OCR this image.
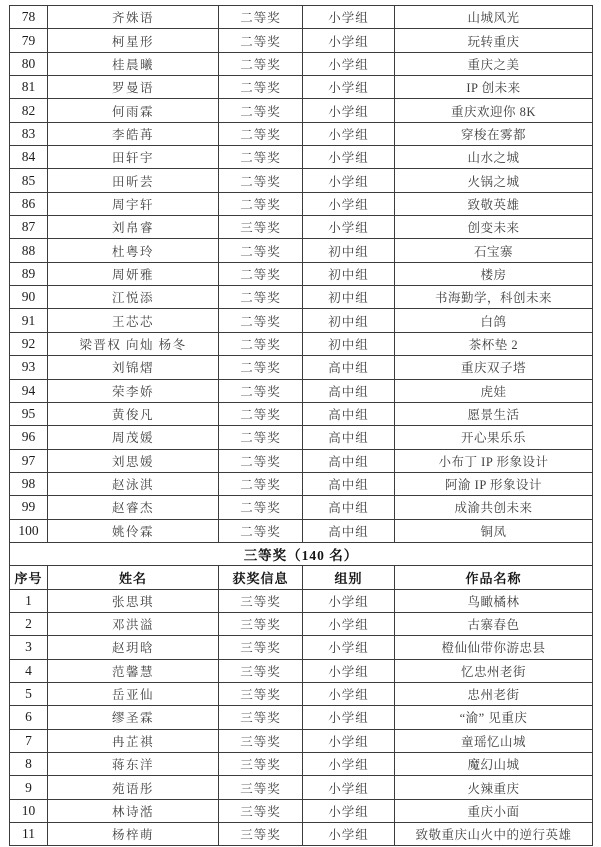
78	齐姝语	二等奖	小学组	山城风光
79	柯星形	二等奖	小学组	玩转重庆
80	桂晨曦	二等奖	小学组	重庆之美
81	罗曼语	二等奖	小学组	IP 创未来
82	何雨霖	二等奖	小学组	重庆欢迎你 8K
83	李皓苒	二等奖	小学组	穿梭在雾都
84	田轩宇	二等奖	小学组	山水之城
85	田昕芸	二等奖	小学组	火锅之城
86	周宇轩	二等奖	小学组	致敬英雄
87	刘帛睿	三等奖	小学组	创变未来
88	杜粤玲	二等奖	初中组	石宝寨
89	周妍雅	二等奖	初中组	楼房
90	江悦添	二等奖	初中组	书海勤学，科创未来
91	王芯芯	二等奖	初中组	白鸽
92	梁晋权 向灿 杨冬	二等奖	初中组	茶杯垫 2
93	刘锦熠	二等奖	高中组	重庆双子塔
94	荣李娇	二等奖	高中组	虎娃
95	黄俊凡	二等奖	高中组	愿景生活
96	周茂媛	二等奖	高中组	开心果乐乐
97	刘思媛	二等奖	高中组	小布丁 IP 形象设计
98	赵泳淇	二等奖	高中组	阿渝 IP 形象设计
99	赵睿杰	二等奖	高中组	成渝共创未来
100	姚伶霖	二等奖	高中组	铜凤
三等奖（140 名）				
序号	姓名	获奖信息	组别	作品名称
1	张思琪	三等奖	小学组	鸟瞰橘林
2	邓洪溢	三等奖	小学组	古寨春色
3	赵玥晗	三等奖	小学组	橙仙仙带你游忠县
4	范馨慧	三等奖	小学组	忆忠州老街
5	岳亚仙	三等奖	小学组	忠州老街
6	缪圣霖	三等奖	小学组	“渝” 见重庆
7	冉芷祺	三等奖	小学组	童瑶忆山城
8	蒋东洋	三等奖	小学组	魔幻山城
9	苑语彤	三等奖	小学组	火辣重庆
10	林诗湉	三等奖	小学组	重庆小面
11	杨梓萌	三等奖	小学组	致敬重庆山火中的逆行英雄
